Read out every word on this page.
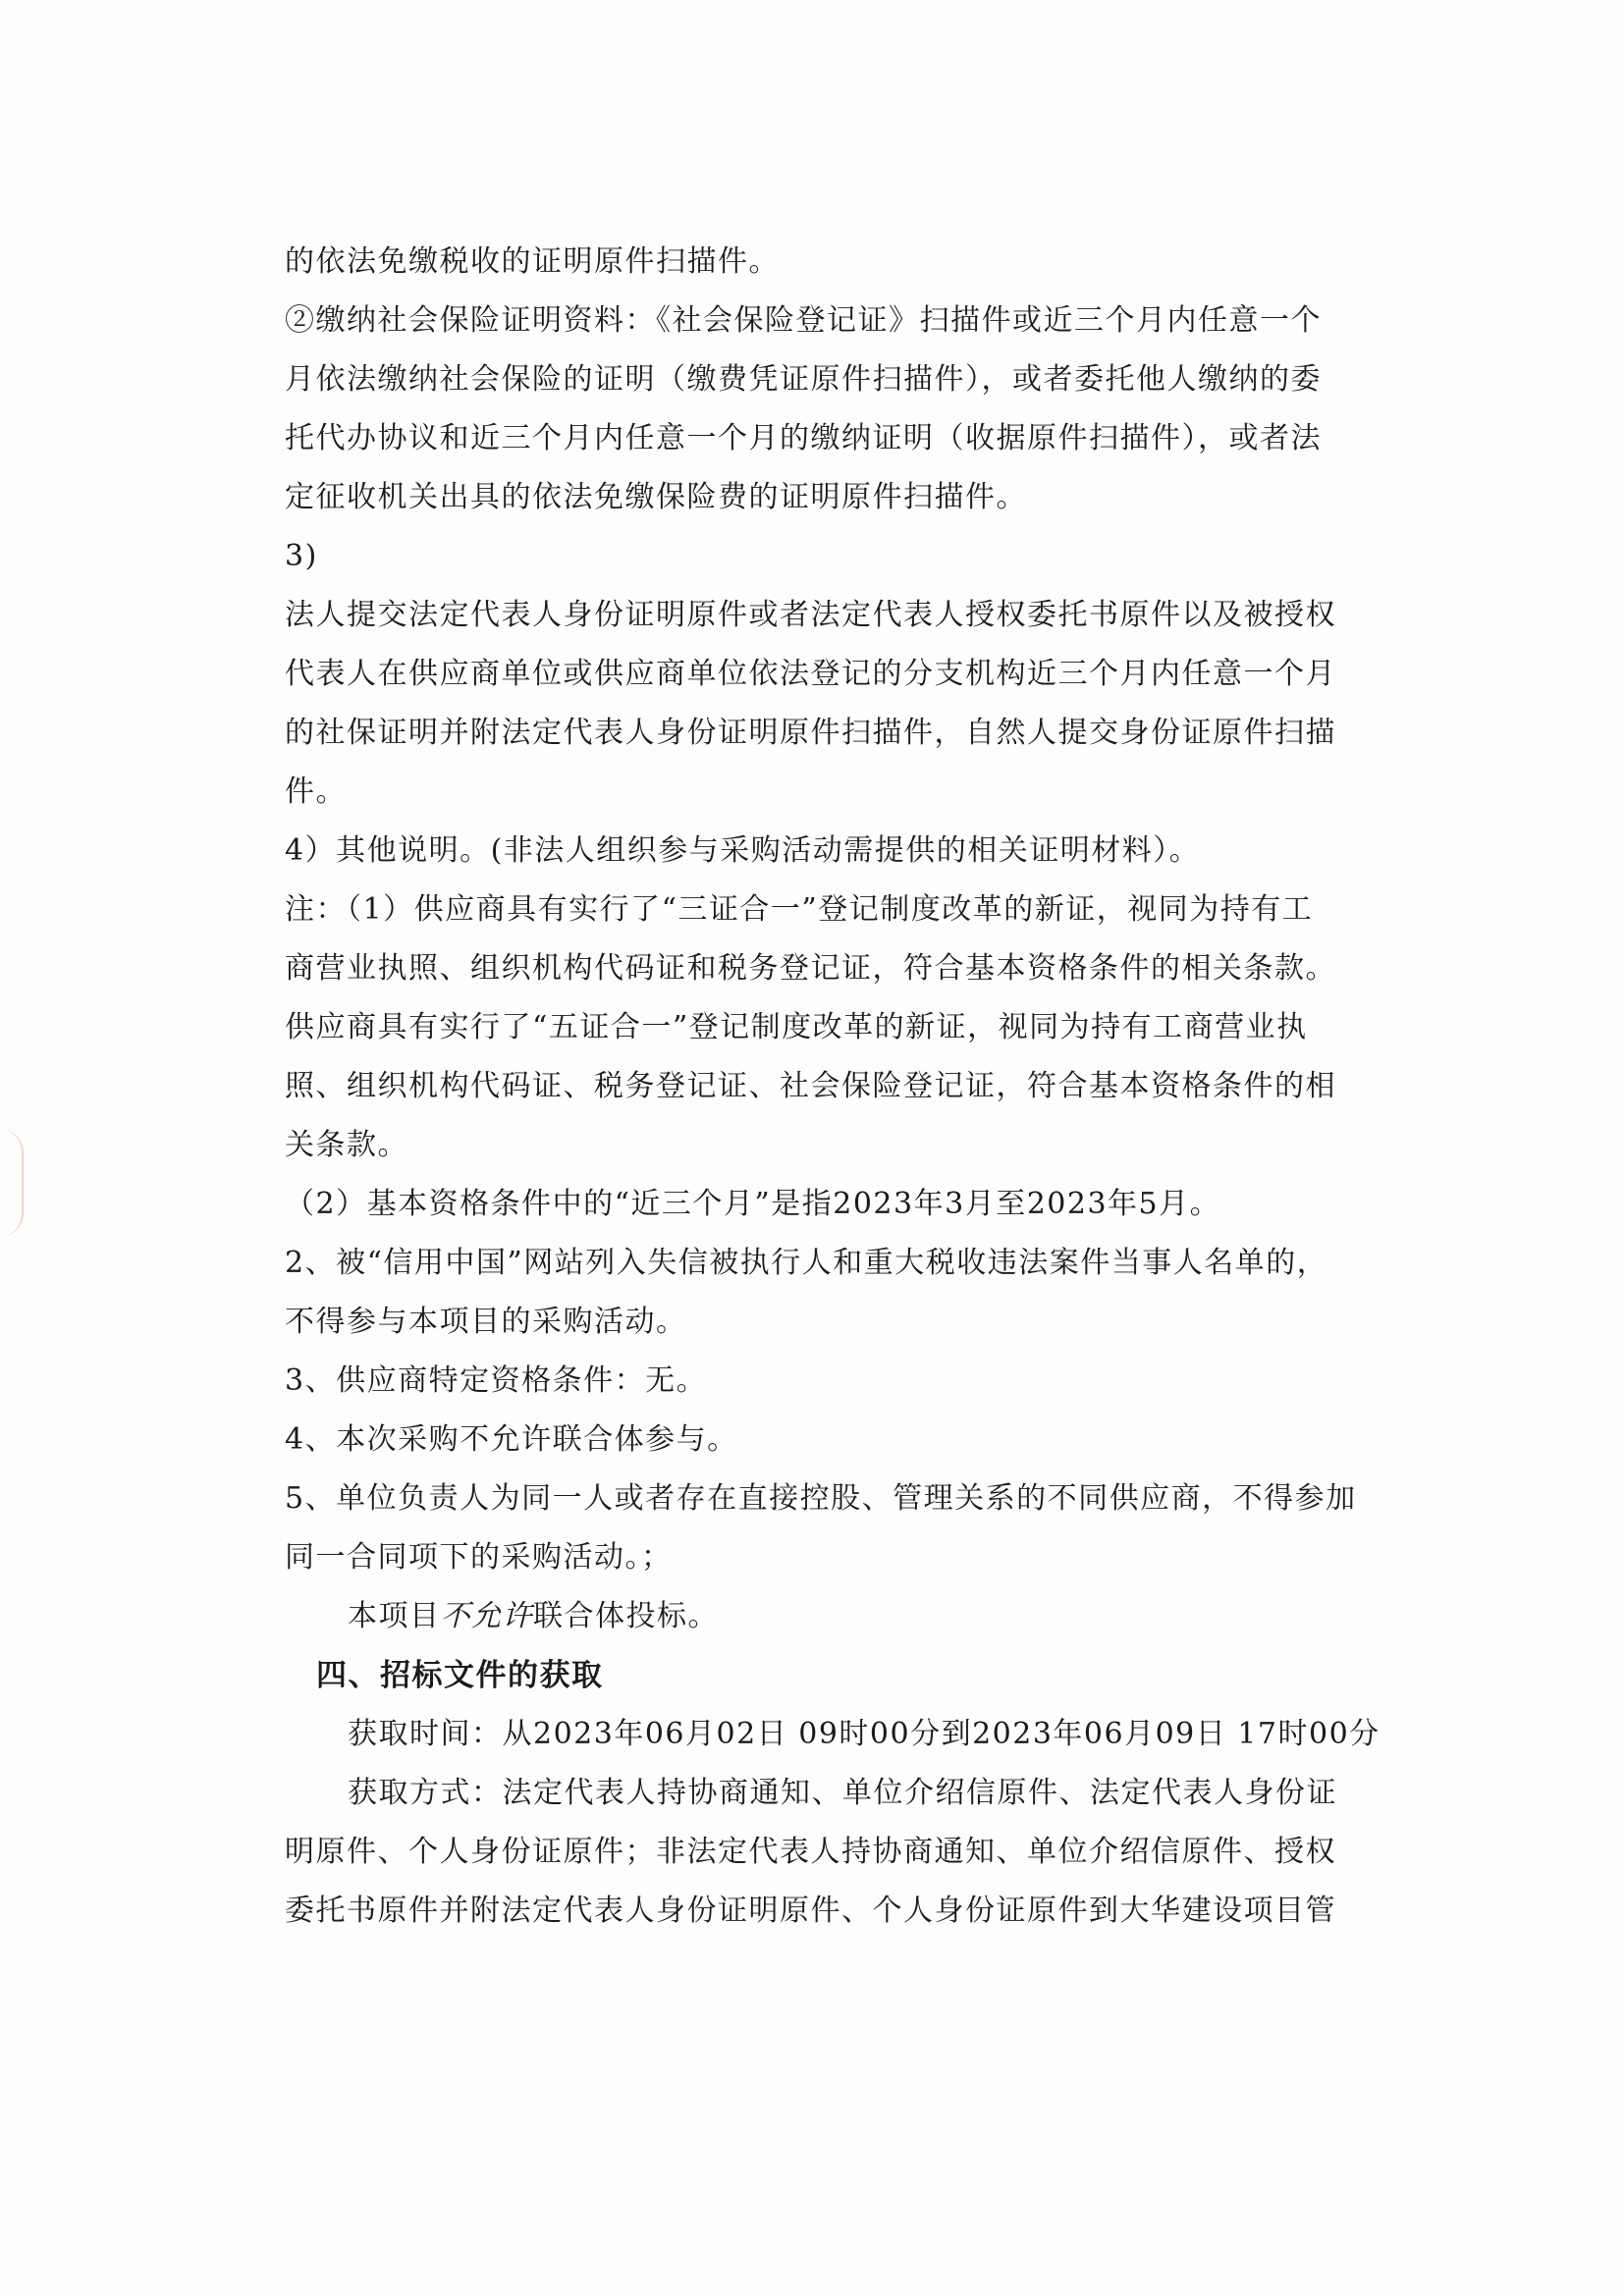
的依法免缴税收的证明原件扫描件。
②缴纳社会保险证明资料：《社会保险登记证》扫描件或近三个月内任意一个
月依法缴纳社会保险的证明（缴费凭证原件扫描件），或者委托他人缴纳的委
托代办协议和近三个月内任意一个月的缴纳证明（收据原件扫描件），或者法
定征收机关出具的依法免缴保险费的证明原件扫描件。
3)
法人提交法定代表人身份证明原件或者法定代表人授权委托书原件以及被授权
代表人在供应商单位或供应商单位依法登记的分支机构近三个月内任意一个月
的社保证明并附法定代表人身份证明原件扫描件，自然人提交身份证原件扫描
件。
4）其他说明。(非法人组织参与采购活动需提供的相关证明材料）。
注：（1）供应商具有实行了“三证合一”登记制度改革的新证，视同为持有工
商营业执照、组织机构代码证和税务登记证，符合基本资格条件的相关条款。
供应商具有实行了“五证合一”登记制度改革的新证，视同为持有工商营业执
照、组织机构代码证、税务登记证、社会保险登记证，符合基本资格条件的相
关条款。
（2）基本资格条件中的“近三个月”是指2023年3月至2023年5月。
2、被“信用中国”网站列入失信被执行人和重大税收违法案件当事人名单的，
不得参与本项目的采购活动。
3、供应商特定资格条件：无。
4、本次采购不允许联合体参与。
5、单位负责人为同一人或者存在直接控股、管理关系的不同供应商，不得参加
同一合同项下的采购活动。；
本项目不允许联合体投标。
四、招标文件的获取
获取时间：从2023年06月02日 09时00分到2023年06月09日 17时00分
获取方式：法定代表人持协商通知、单位介绍信原件、法定代表人身份证
明原件、个人身份证原件；非法定代表人持协商通知、单位介绍信原件、授权
委托书原件并附法定代表人身份证明原件、个人身份证原件到大华建设项目管
